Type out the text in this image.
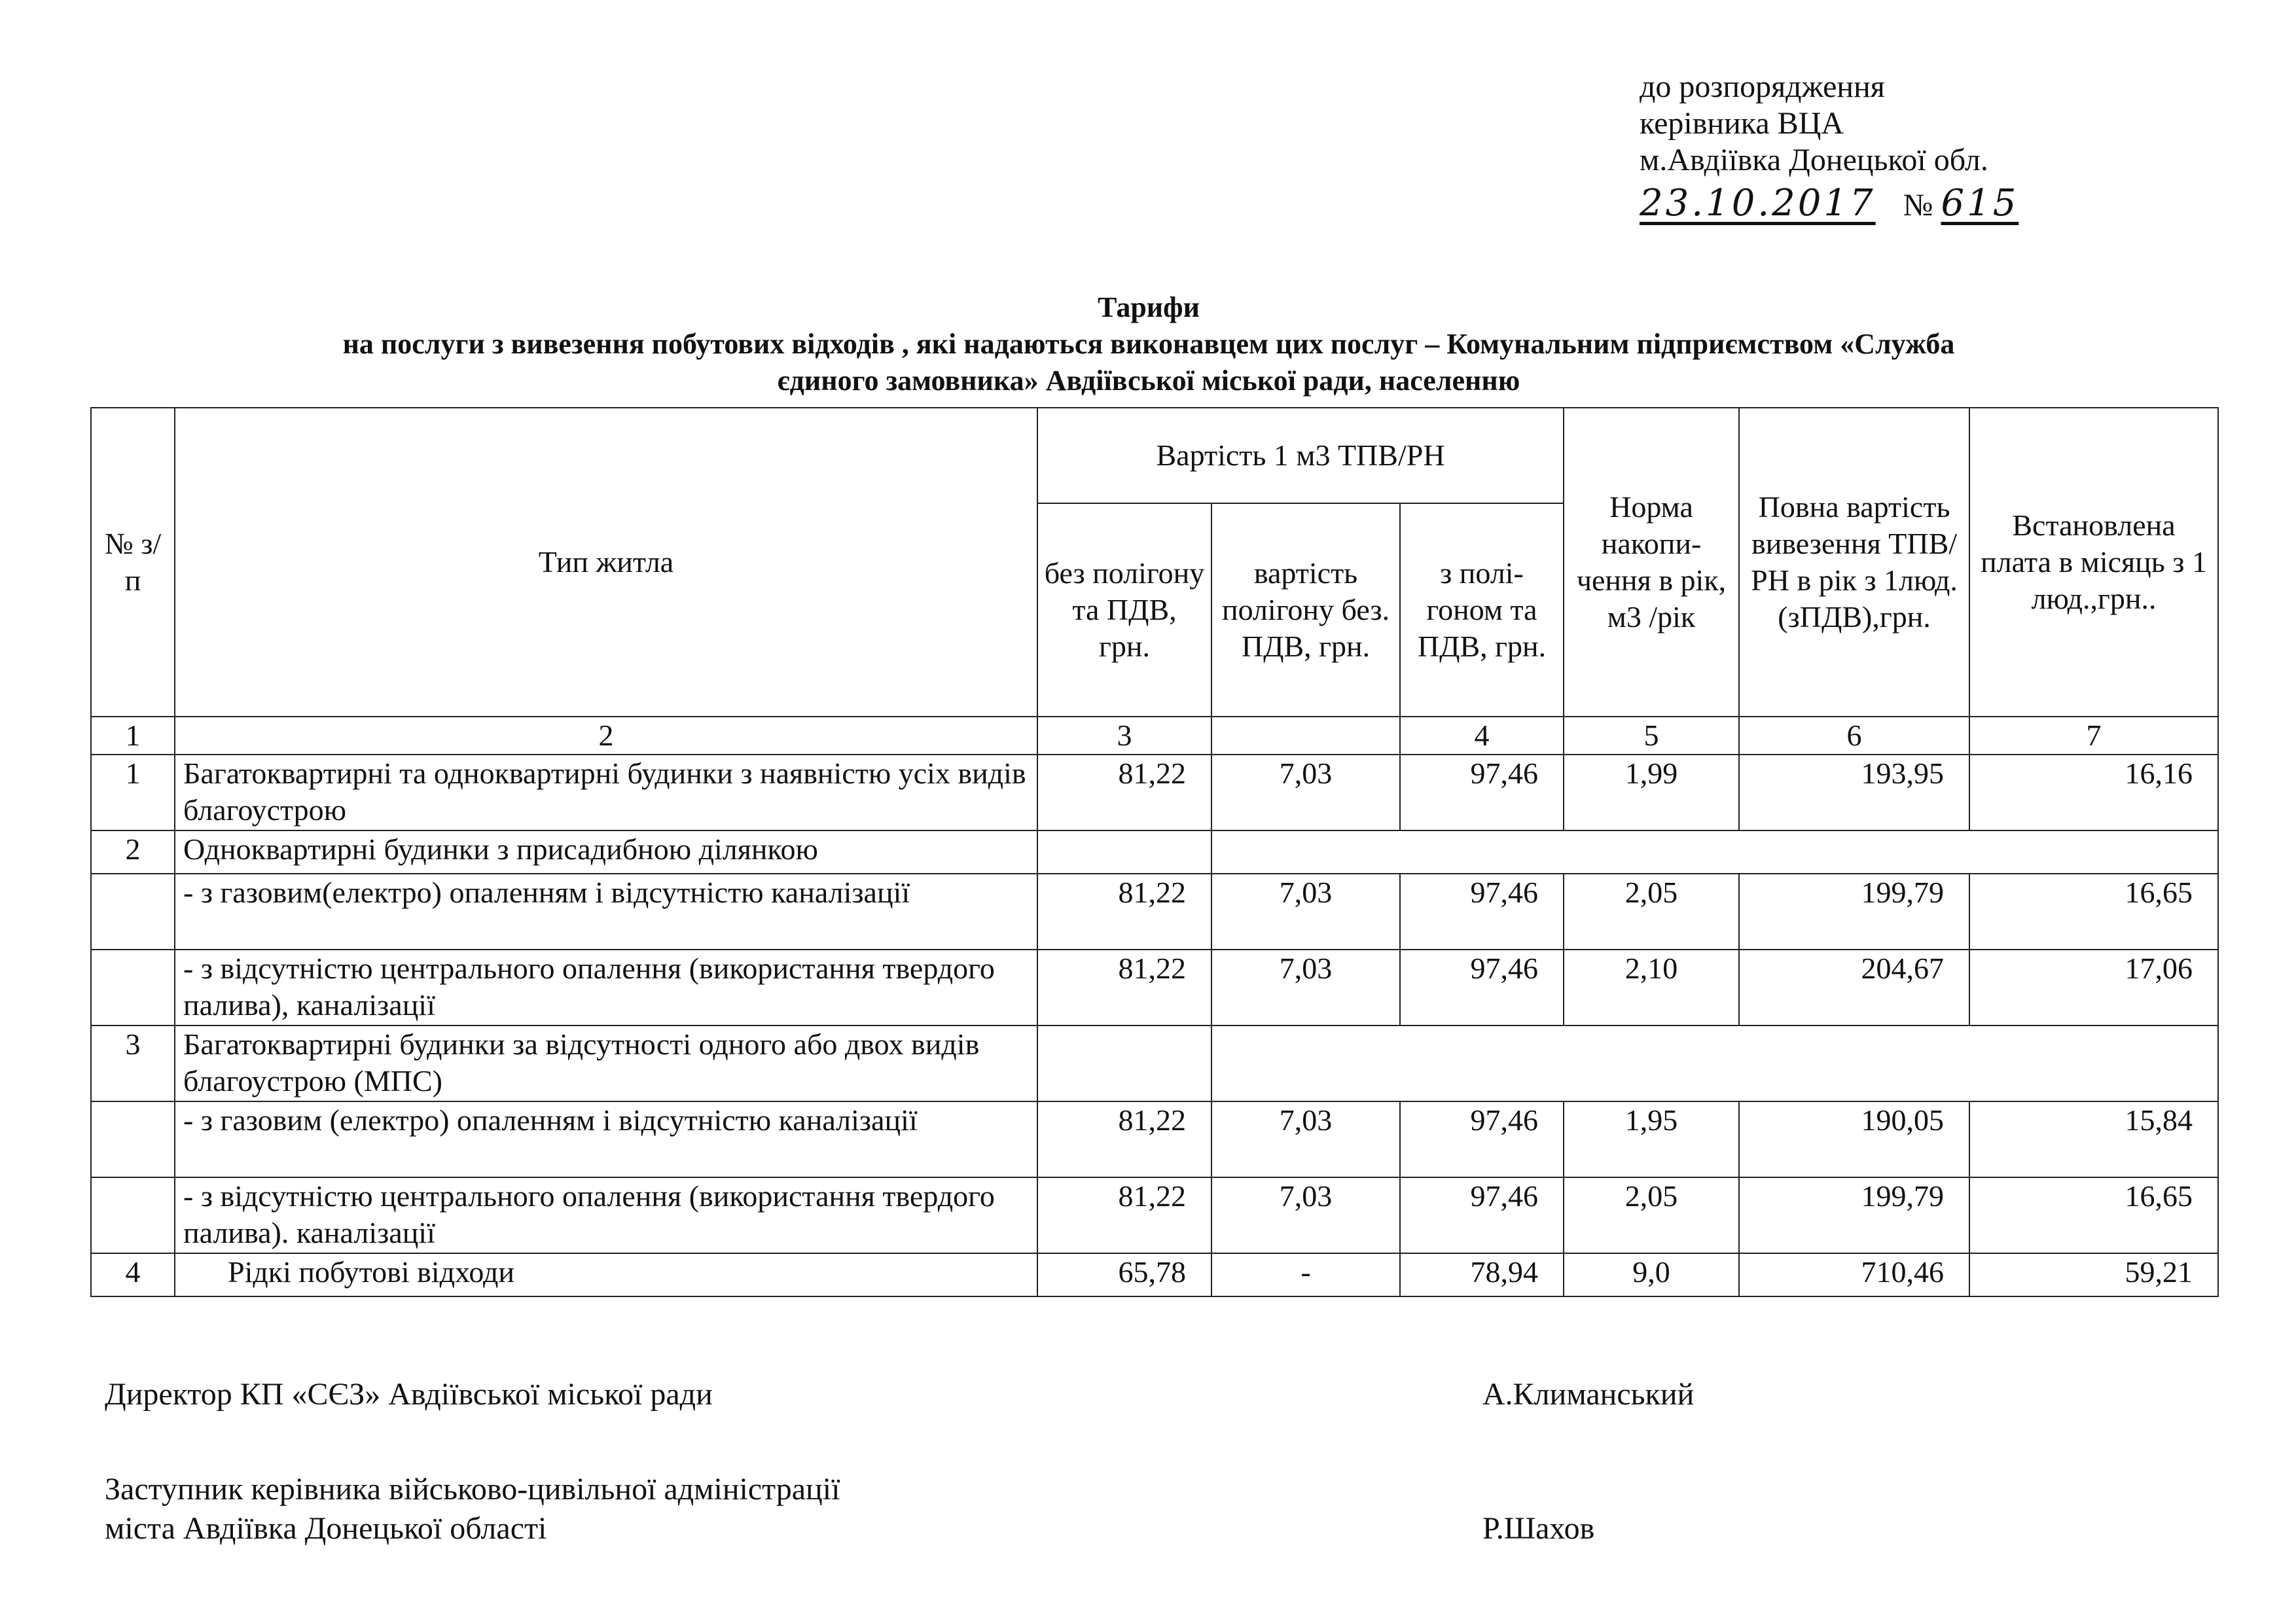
до розпорядження
керівника ВЦА
м.Авдіївка Донецької обл.
23.10.2017 № 615
Тарифи
на послуги з вивезення побутових відходів , які надаються виконавцем цих послуг – Комунальним підприємством «Служба
єдиного замовника» Авдіївської міської ради, населенню
№ з/п	Тип житла	Вартість 1 м3 ТПВ/РН			Норма накопи- чення в рік, м3 /рік	Повна вартість вивезення ТПВ/РН в рік з 1люд. (зПДВ),грн.	Встановлена плата в місяць з 1 люд.,грн..
		без полігону та ПДВ, грн.	вартість полігону без. ПДВ, грн.	з полі- гоном та ПДВ, грн.			
1	2	3		4	5	6	7
1	Багатоквартирні та одноквартирні будинки з наявністю усіх видів благоустрою	81,22	7,03	97,46	1,99	193,95	16,16
2	Одноквартирні будинки з присадибною ділянкою						
	- з газовим(електро) опаленням і відсутністю каналізації	81,22	7,03	97,46	2,05	199,79	16,65
	- з відсутністю центрального опалення (використання твердого палива), каналізації	81,22	7,03	97,46	2,10	204,67	17,06
3	Багатоквартирні будинки за відсутності одного або двох видів благоустрою (МПС)						
	- з газовим (електро) опаленням і відсутністю каналізації	81,22	7,03	97,46	1,95	190,05	15,84
	- з відсутністю центрального опалення (використання твердого палива). каналізації	81,22	7,03	97,46	2,05	199,79	16,65
4	Рідкі побутові відходи	65,78	-	78,94	9,0	710,46	59,21
Директор КП «СЄЗ» Авдіївської міської ради	А.Климанський
Заступник керівника військово-цивільної адміністрації
міста Авдіївка Донецької області	Р.Шахов
